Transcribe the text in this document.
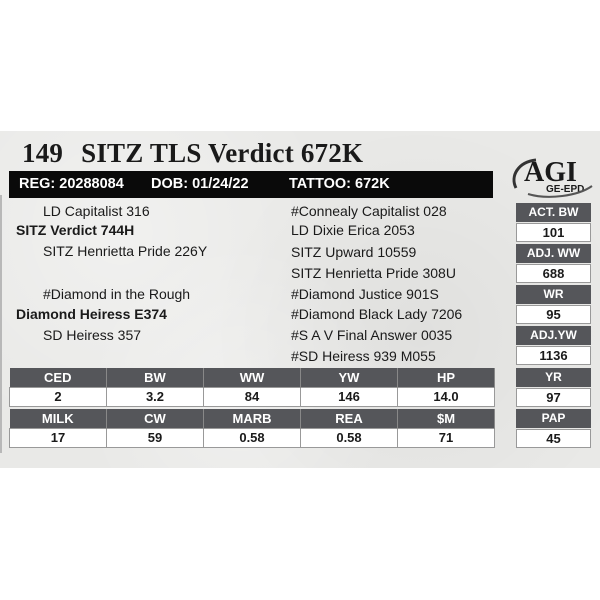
149 SITZ TLS Verdict 672K
REG: 20288084 DOB: 01/24/22	TATTOO: 672K	AGI
GE-EPD
LD Capitalist 316
SITZ Verdict 744H
SITZ Henrietta Pride 226Y
#Diamond in the Rough
Diamond Heiress E374
SD Heiress 357
#Connealy Capitalist 028
LD Dixie Erica 2053
SITZ Upward 10559
SITZ Henrietta Pride 308U
#Diamond Justice 901S
#Diamond Black Lady 7206
#S A V Final Answer 0035
#SD Heiress 939 M055
ACT. BW
101
ADJ. WW
688
WR
95
ADJ.YW
1136
YR
97
PAP
45
CED	BW	WW	YW	HP
2	3.2	84	146	14.0
MILK	CW	MARB	REA	$M
17	59	0.58	0.58	71
